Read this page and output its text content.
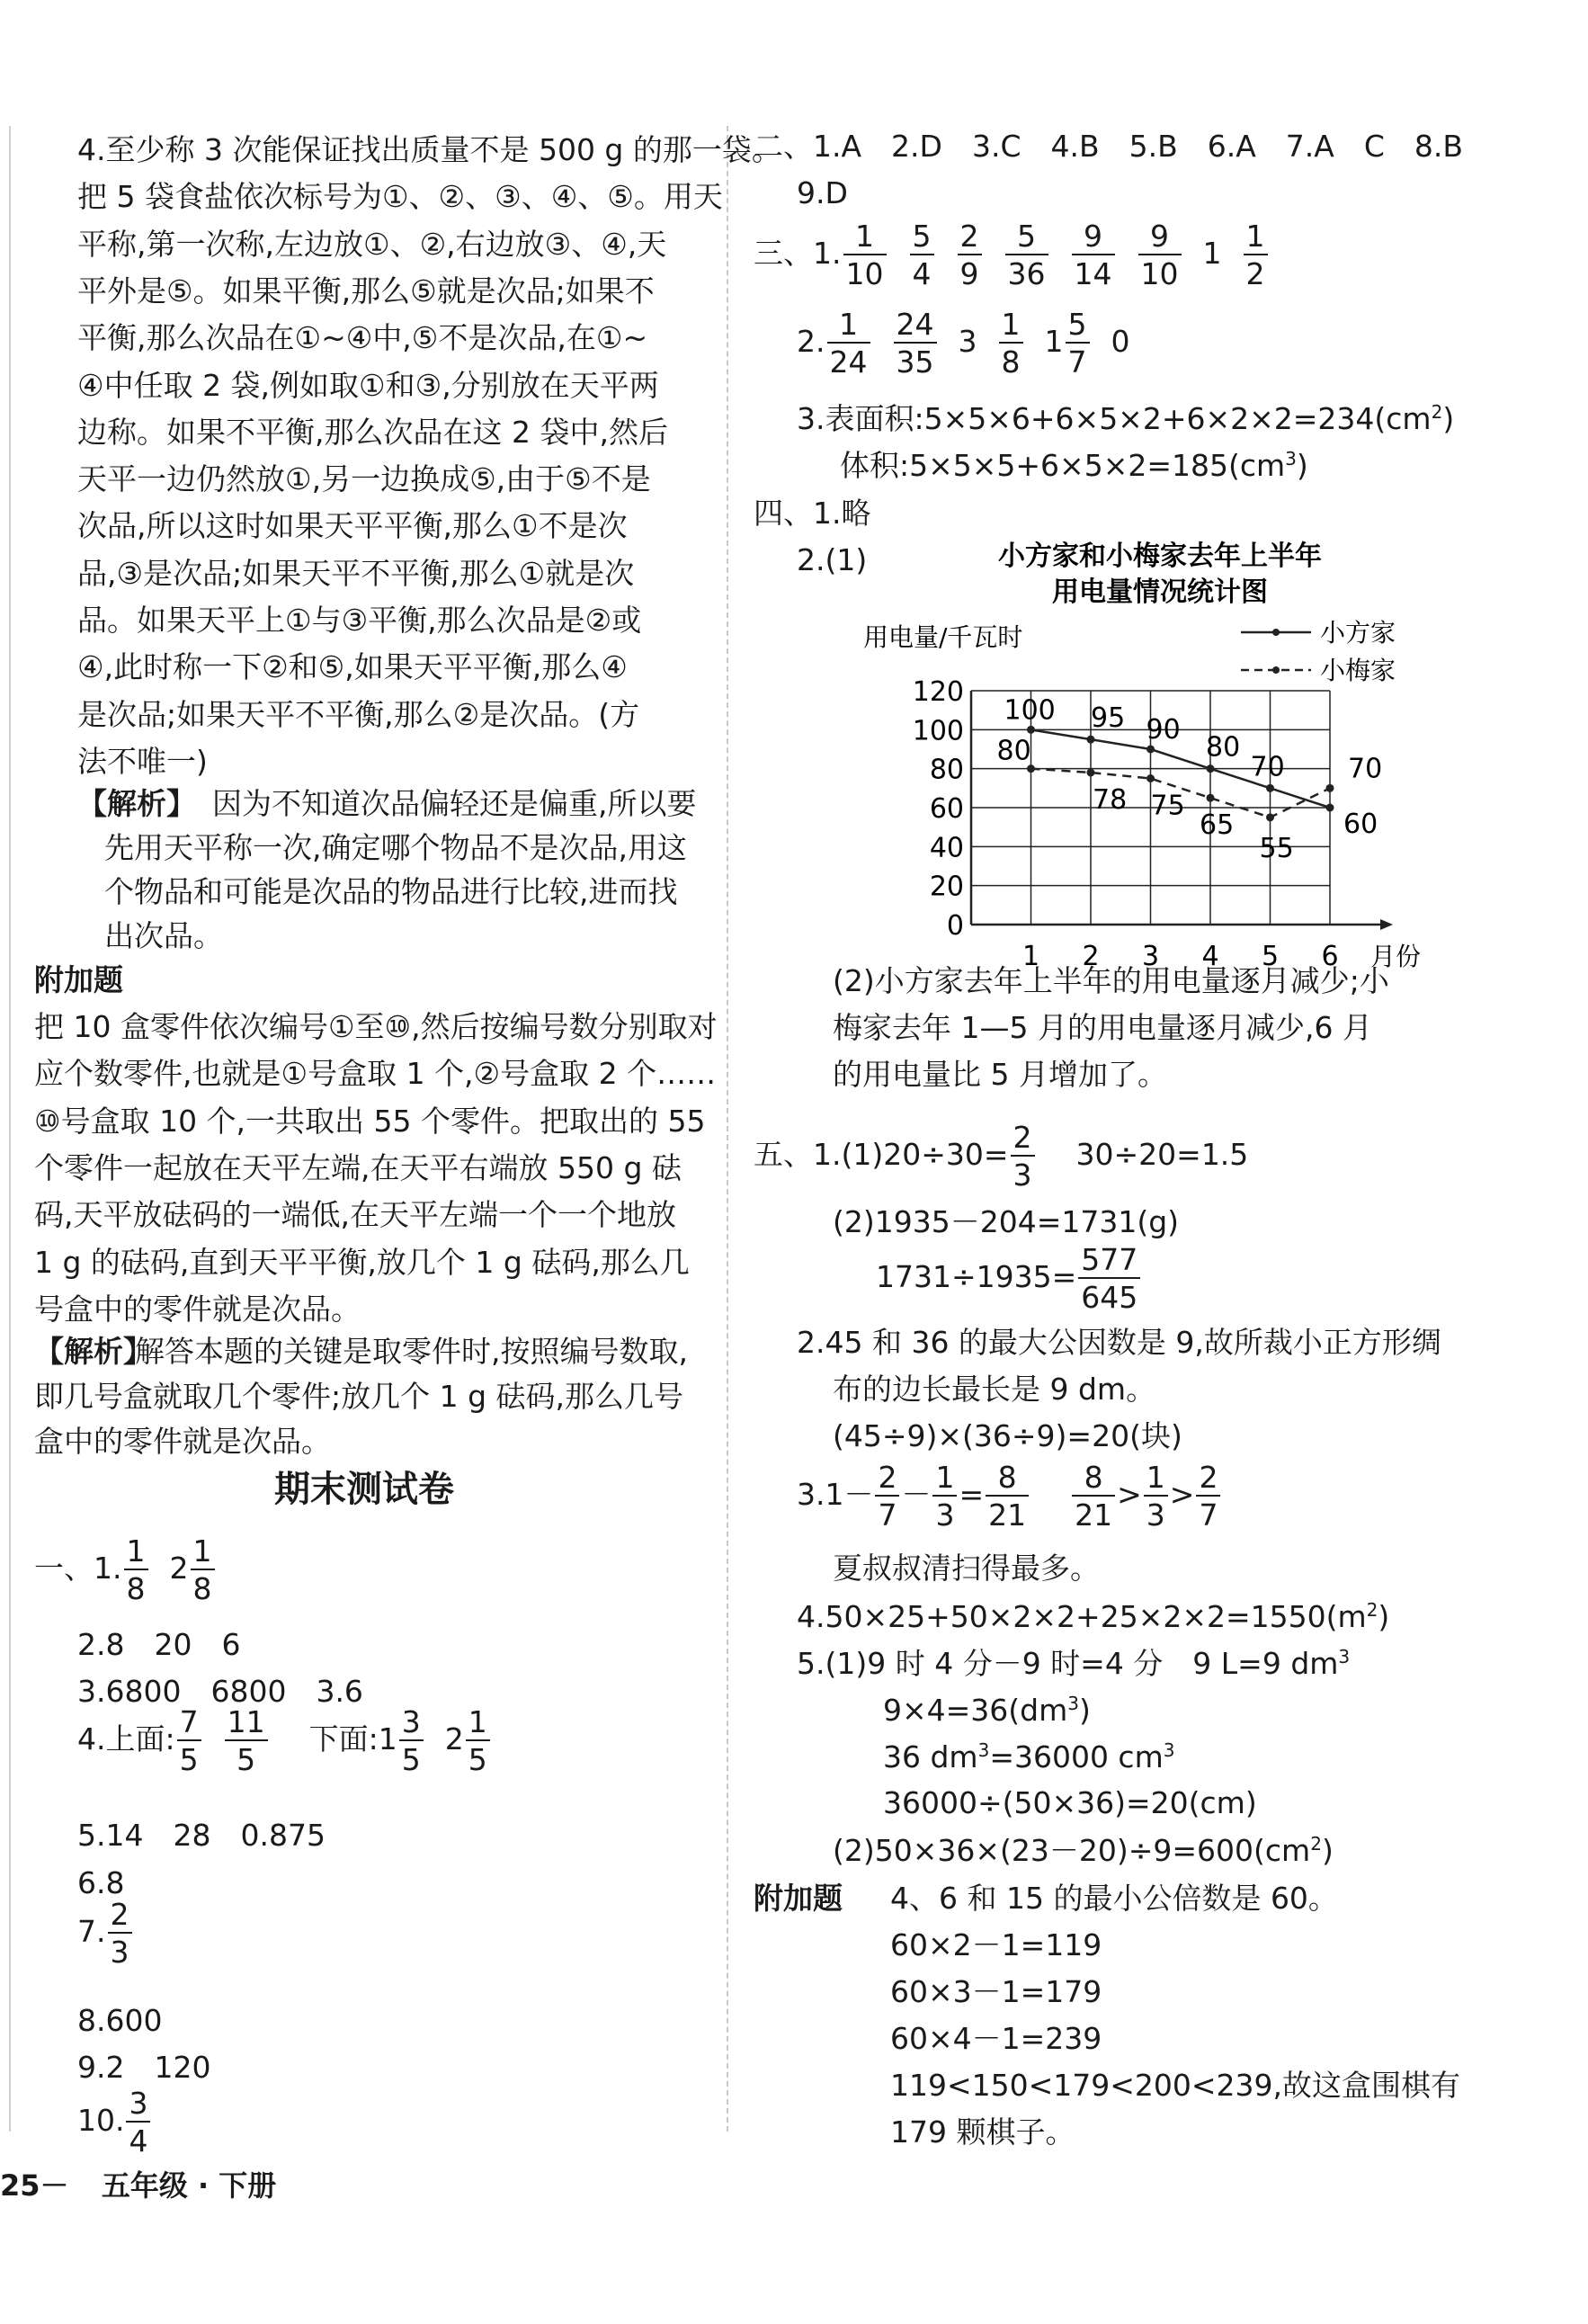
4.至少称 3 次能保证找出质量不是 500 g 的那一袋。
把 5 袋食盐依次标号为①、②、③、④、⑤。用天
平称,第一次称,左边放①、②,右边放③、④,天
平外是⑤。如果平衡,那么⑤就是次品;如果不
平衡,那么次品在①~④中,⑤不是次品,在①~
④中任取 2 袋,例如取①和③,分别放在天平两
边称。如果不平衡,那么次品在这 2 袋中,然后
天平一边仍然放①,另一边换成⑤,由于⑤不是
次品,所以这时如果天平平衡,那么①不是次
品,③是次品;如果天平不平衡,那么①就是次
品。如果天平上①与③平衡,那么次品是②或
④,此时称一下②和⑤,如果天平平衡,那么④
是次品;如果天平不平衡,那么②是次品。(方
法不唯一)
【解析】 因为不知道次品偏轻还是偏重,所以要
先用天平称一次,确定哪个物品不是次品,用这
个物品和可能是次品的物品进行比较,进而找
出次品。
附加题
把 10 盒零件依次编号①至⑩,然后按编号数分别取对
应个数零件,也就是①号盒取 1 个,②号盒取 2 个……
⑩号盒取 10 个,一共取出 55 个零件。把取出的 55
个零件一起放在天平左端,在天平右端放 550 g 砝
码,天平放砝码的一端低,在天平左端一个一个地放
1 g 的砝码,直到天平平衡,放几个 1 g 砝码,那么几
号盒中的零件就是次品。
【解析】
解答本题的关键是取零件时,按照编号数取,
即几号盒就取几个零件;放几个 1 g 砝码,那么几号
盒中的零件就是次品。
期末测试卷
一、1. $\frac{1}{8} 2 \frac{1}{8}$
2.8　20　6
3.6800　6800　3.6
4.上面: $\frac{7}{5} \frac{11}{5}$ 下面:1 $\frac{3}{5} 2 \frac{1}{5}$
5.14　28　0.875
6.8
7. $\frac{2}{3}$
8.600
9.2　120
10. $\frac{3}{4}$
二、1.A　2.D　3.C　4.B　5.B　6.A　7.A　C　8.B
9.D
三、1. $\frac{1}{10} \frac{5}{4} \frac{2}{9} \frac{5}{36} \frac{9}{14} \frac{9}{10} 1 \frac{1}{2}$
2. $\frac{1}{24} \frac{24}{35} 3 \frac{1}{8} 1 \frac{5}{7} 0$
3.表面积$:5\times 5\times 6+6\times 5\times 2+6\times 2\times 2=234(cm^2)$
体积$:5\times 5\times 5+6\times 5\times 2=185(cm^3)$
四、1.略
2.(1)	小方家和小梅家去年上半年
用电量情况统计图
用电量/千瓦时
0
20
40
60
80
100
120
1 2 3 4 5 6 月份
小方家
小梅家
100 95 90
80
70
60
80
78 75
65
55
70
(2)小方家去年上半年的用电量逐月减少;小
梅家去年 1—5 月的用电量逐月减少,6 月
的用电量比 5 月增加了。
五、$1.(1)20\div 30= \frac{2}{3} 30\div 20=1.5$
(2)1935－204=1731(g)
$1731\div 1935= \frac{577}{645}$
2.45 和 36 的最大公因数是 9,故所裁小正方形绸
布的边长最长是 9 dm。
(45÷9)×(36÷9)=20(块)
$3.1- \frac{2}{7} - \frac{1}{3} = \frac{8}{21} \frac{8}{21} > \frac{1}{3} > \frac{2}{7}$
夏叔叔清扫得最多。
$4.50\times 25+50\times 2\times 2+25\times 2\times 2=1550(m^2)$
5.(1)9 时 4 分－9 时=4 分　9 L=9 $dm^3$
$9\times 4=36(dm^3)$
36 $dm^3=36000$ $cm^3$
36000÷(50×36)=20(cm)
$(2)50\times 36\times(23-20)\div 9=600(cm^2)$
附加题 4、6 和 15 的最小公倍数是 60。
60×2－1=119
60×3－1=179
60×4－1=239
119<150<179<200<239,故这盒围棋有
179 颗棋子。
25－ 五年级 · 下册
